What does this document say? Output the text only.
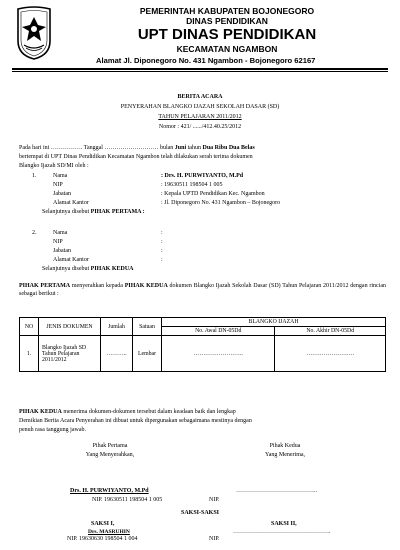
PEMERINTAH KABUPATEN BOJONEGORO
DINAS PENDIDIKAN
UPT DINAS PENDIDIKAN
KECAMATAN NGAMBON
Alamat Jl. Diponegoro No. 431 Ngambon - Bojonegoro 62167
BERITA ACARA
PENYERAHAN BLANGKO IJAZAH SEKOLAH DASAR (SD)
TAHUN PELAJARAN 2011/2012
Nomor : 421/ ....../412.40.25/2012
Pada hari ini ……………. Tanggal ……………………… bulan Juni tahun Dua Ribu Dua Belas
bertempat di UPT Dinas Pendidikan Kecamatan Ngambon telah dilakukan serah terima dokumen
Blangko Ijazah SD/MI oleh :
1.	Nama	: Drs. H. PURWIYANTO, M.Pd
NIP	: 19630511 198504 1 005
Jabatan	: Kepala UPTD Pendidikan Kec. Ngambon
Alamat Kantor	: Jl. Diponegoro No. 431 Ngambon – Bojonegoro
Selanjutnya disebut PIHAK PERTAMA :
2.	Nama	:
NIP	:
Jabatan	:
Alamat Kantor	:
Selanjutnya disebut PIHAK KEDUA
PIHAK PERTAMA menyerahkan kepada PIHAK KEDUA dokumen Blangko Ijazah Sekolah Dasar (SD) Tahun Pelajaran 2011/2012 dengan rincian sebagai berikut :
NO	JENIS DOKUMEN	Jumlah	Satuan	BLANGKO IJAZAH	
				No. Awal DN-05Dd	No. Akhir DN-05Dd
1.	Blangko Ijazah SD Tahun Pelajaran 2011/2012	………..	Lembar	……………………..	…………………….
PIHAK KEDUA menerima dokumen-dokumen tersebut dalam keadaan baik dan lengkap
Demikian Berita Acara Penyerahan ini dibuat untuk dipergunakan sebagaimana mestinya dengan
penuh rasa tanggung jawab.
Pihak Pertama
Yang Menyerahkan,
Pihak Kedua
Yang Menerima,
Drs. H. PURWIYANTO, M.Pd
NIP. 19630511 198504 1 005
…………………………………..
NIP.
SAKSI-SAKSI
SAKSI I,	SAKSI II,
Drs. MASRUHIN
NIP. 19630630 198504 1 004
………………………………………….
NIP.
